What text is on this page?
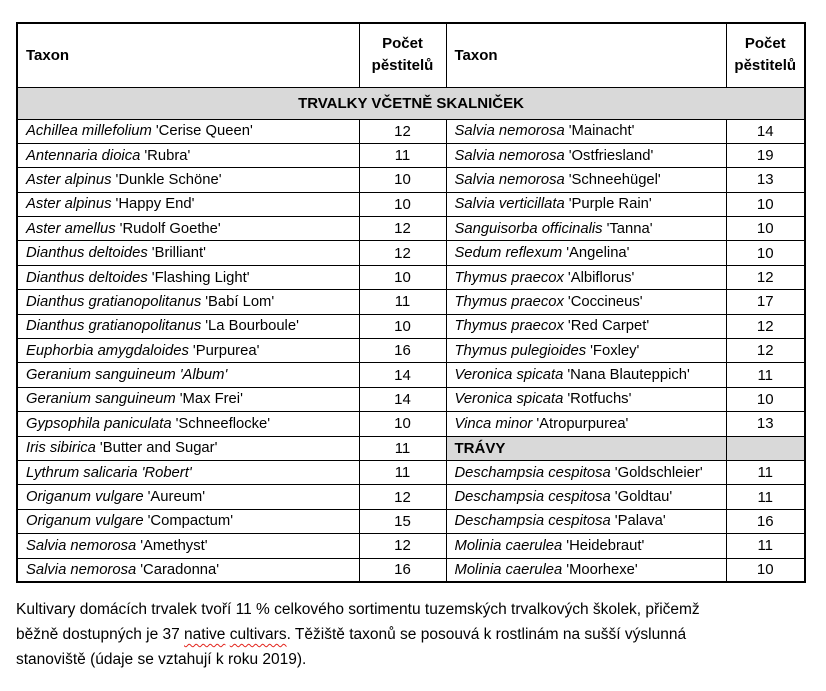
Taxon	Počet pěstitelů	Taxon	Počet pěstitelů
TRVALKY VČETNĚ SKALNIČEK			
Achillea millefolium 'Cerise Queen'	12	Salvia nemorosa 'Mainacht'	14
Antennaria dioica 'Rubra'	11	Salvia nemorosa 'Ostfriesland'	19
Aster alpinus 'Dunkle Schöne'	10	Salvia nemorosa 'Schneehügel'	13
Aster alpinus 'Happy End'	10	Salvia verticillata 'Purple Rain'	10
Aster amellus 'Rudolf Goethe'	12	Sanguisorba officinalis 'Tanna'	10
Dianthus deltoides 'Brilliant'	12	Sedum reflexum 'Angelina'	10
Dianthus deltoides 'Flashing Light'	10	Thymus praecox 'Albiflorus'	12
Dianthus gratianopolitanus 'Babí Lom'	11	Thymus praecox 'Coccineus'	17
Dianthus gratianopolitanus 'La Bourboule'	10	Thymus praecox 'Red Carpet'	12
Euphorbia amygdaloides 'Purpurea'	16	Thymus pulegioides 'Foxley'	12
Geranium sanguineum 'Album'	14	Veronica spicata 'Nana Blauteppich'	11
Geranium sanguineum 'Max Frei'	14	Veronica spicata 'Rotfuchs'	10
Gypsophila paniculata 'Schneeflocke'	10	Vinca minor 'Atropurpurea'	13
Iris sibirica 'Butter and Sugar'	11	TRÁVY	
Lythrum salicaria 'Robert'	11	Deschampsia cespitosa 'Goldschleier'	11
Origanum vulgare 'Aureum'	12	Deschampsia cespitosa 'Goldtau'	11
Origanum vulgare 'Compactum'	15	Deschampsia cespitosa 'Palava'	16
Salvia nemorosa 'Amethyst'	12	Molinia caerulea 'Heidebraut'	11
Salvia nemorosa 'Caradonna'	16	Molinia caerulea 'Moorhexe'	10
Kultivary domácích trvalek tvoří 11 % celkového sortimentu tuzemských trvalkových školek, přičemž
běžně dostupných je 37 native cultivars. Těžiště taxonů se posouvá k rostlinám na sušší výslunná
stanoviště (údaje se vztahují k roku 2019).
